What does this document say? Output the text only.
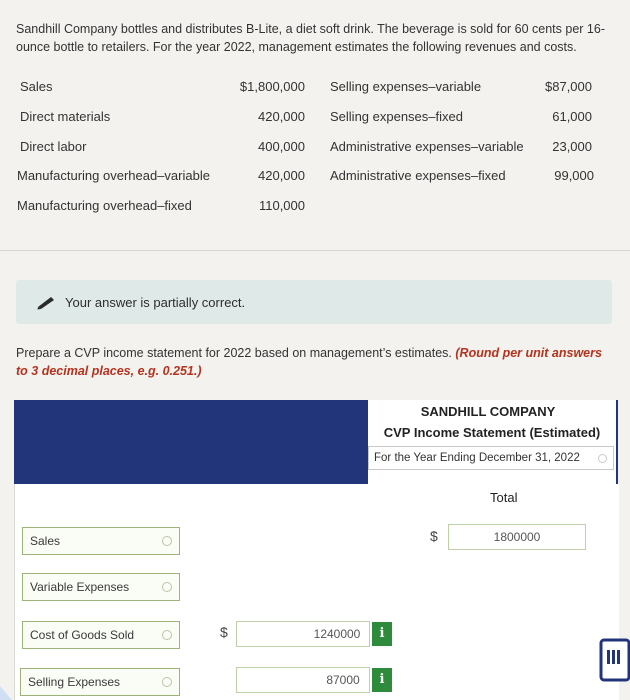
Sandhill Company bottles and distributes B-Lite, a diet soft drink. The beverage is sold for 60 cents per 16-ounce bottle to retailers. For the year 2022, management estimates the following revenues and costs.
Sales	$1,800,000
Direct materials	420,000
Direct labor	400,000
Manufacturing overhead–variable	420,000
Manufacturing overhead–fixed	110,000
Selling expenses–variable	$87,000
Selling expenses–fixed	61,000
Administrative expenses–variable	23,000
Administrative expenses–fixed	99,000
Your answer is partially correct.
Prepare a CVP income statement for 2022 based on management’s estimates. (Round per unit answers to 3 decimal places, e.g. 0.251.)
SANDHILL COMPANY
CVP Income Statement (Estimated)
For the Year Ending December 31, 2022
Total
Sales	$	1800000
Variable Expenses
Cost of Goods Sold	$	1240000	i
Selling Expenses	87000	i
